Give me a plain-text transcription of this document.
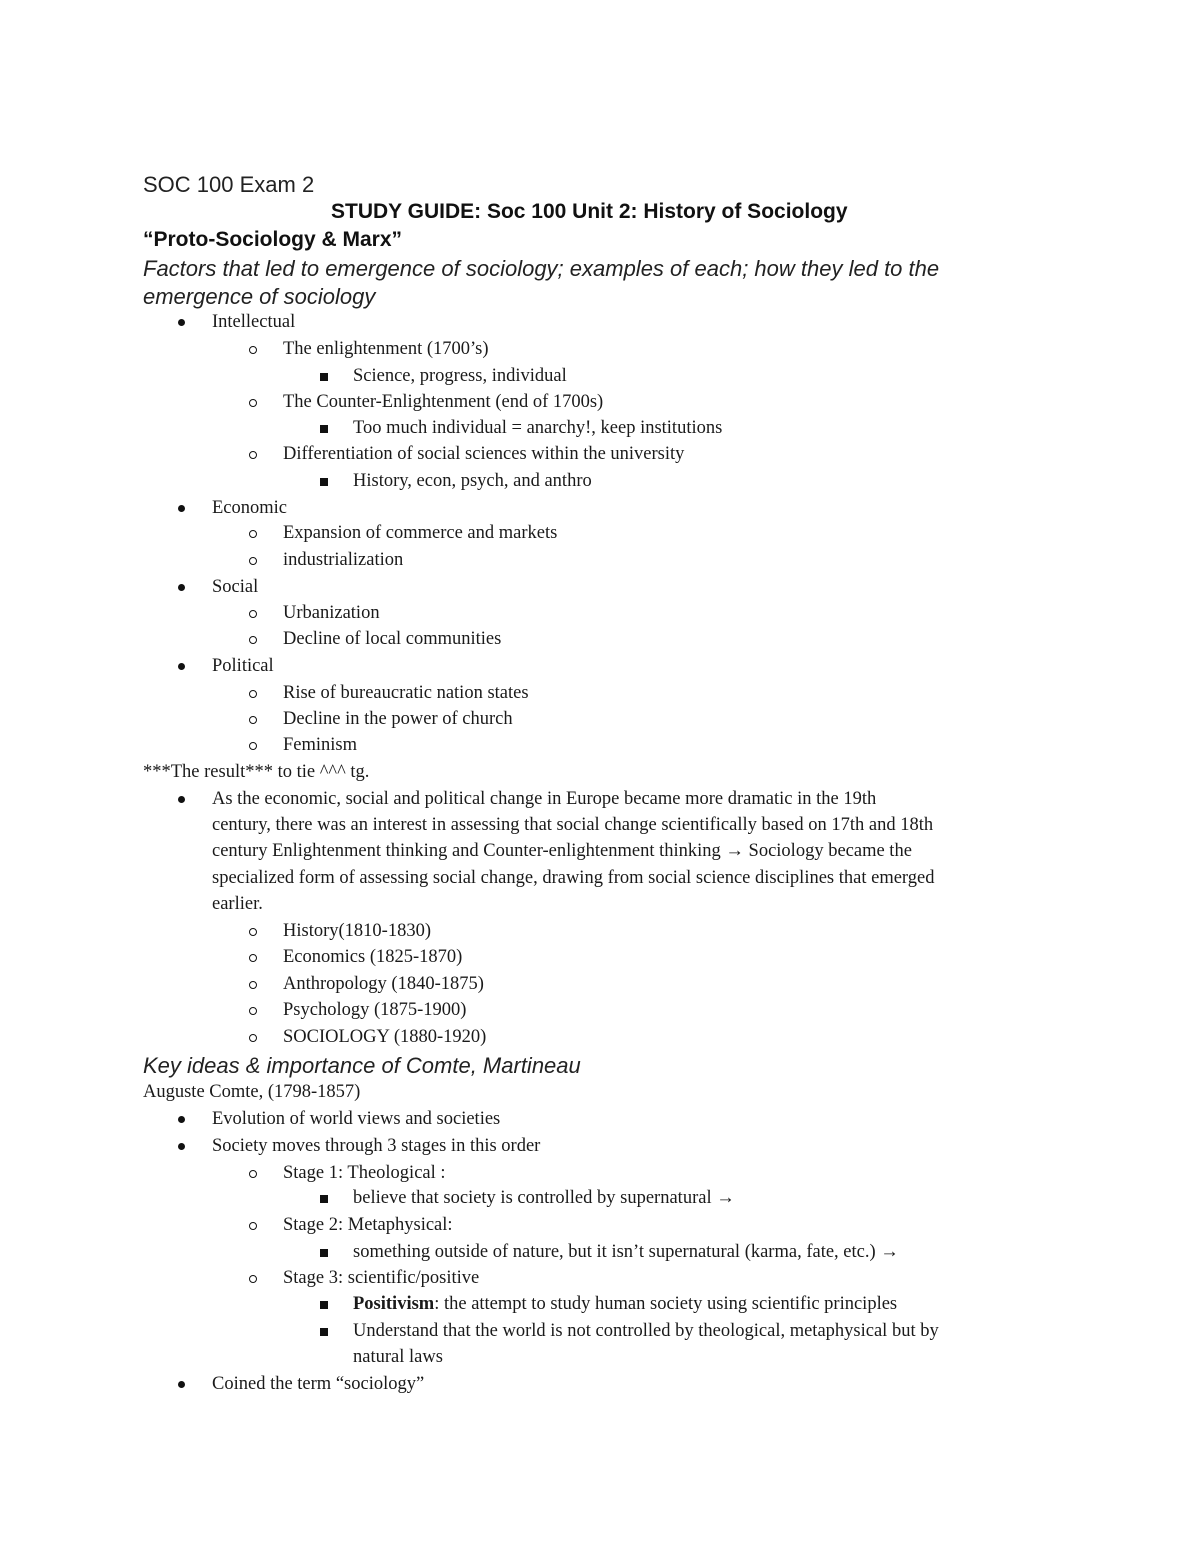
SOC 100 Exam 2
STUDY GUIDE: Soc 100 Unit 2: History of Sociology
“Proto-Sociology & Marx”
Factors that led to emergence of sociology; examples of each; how they led to the
emergence of sociology
Intellectual
The enlightenment (1700’s)
Science, progress, individual
The Counter-Enlightenment (end of 1700s)
Too much individual = anarchy!, keep institutions
Differentiation of social sciences within the university
History, econ, psych, and anthro
Economic
Expansion of commerce and markets
industrialization
Social
Urbanization
Decline of local communities
Political
Rise of bureaucratic nation states
Decline in the power of church
Feminism
***The result*** to tie ^^^ tg.
As the economic, social and political change in Europe became more dramatic in the 19th
century, there was an interest in assessing that social change scientifically based on 17th and 18th
century Enlightenment thinking and Counter-enlightenment thinking → Sociology became the
specialized form of assessing social change, drawing from social science disciplines that emerged
earlier.
History(1810-1830)
Economics (1825-1870)
Anthropology (1840-1875)
Psychology (1875-1900)
SOCIOLOGY (1880-1920)
Key ideas & importance of Comte, Martineau
Auguste Comte, (1798-1857)
Evolution of world views and societies
Society moves through 3 stages in this order
Stage 1: Theological :
believe that society is controlled by supernatural →
Stage 2: Metaphysical:
something outside of nature, but it isn’t supernatural (karma, fate, etc.) →
Stage 3: scientific/positive
Positivism: the attempt to study human society using scientific principles
Understand that the world is not controlled by theological, metaphysical but by
natural laws
Coined the term “sociology”
